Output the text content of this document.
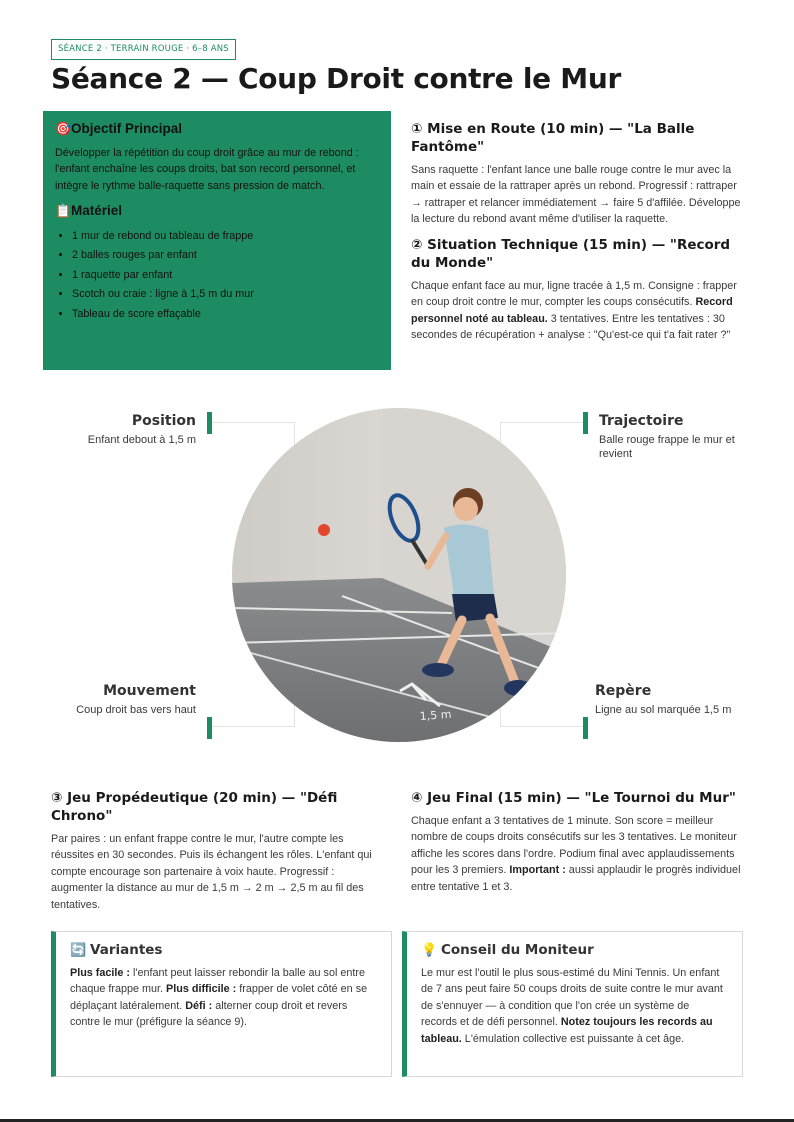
SÉANCE 2 · TERRAIN ROUGE · 6–8 ANS
Séance 2 — Coup Droit contre le Mur
🎯Objectif Principal

Développer la répétition du coup droit grâce au mur de rebond : l'enfant enchaîne les coups droits, bat son record personnel, et intègre le rythme balle-raquette sans pression de match.

📋Matériel
• 1 mur de rebond ou tableau de frappe
• 2 balles rouges par enfant
• 1 raquette par enfant
• Scotch ou craie : ligne à 1,5 m du mur
• Tableau de score effaçable
① Mise en Route (10 min) — "La Balle Fantôme"

Sans raquette : l'enfant lance une balle rouge contre le mur avec la main et essaie de la rattraper après un rebond. Progressif : rattraper → rattraper et relancer immédiatement → faire 5 d'affilée. Développe la lecture du rebond avant même d'utiliser la raquette.

② Situation Technique (15 min) — "Record du Monde"

Chaque enfant face au mur, ligne tracée à 1,5 m. Consigne : frapper en coup droit contre le mur, compter les coups consécutifs. Record personnel noté au tableau. 3 tentatives. Entre les tentatives : 30 secondes de récupération + analyse : "Qu'est-ce qui t'a fait rater ?"

1,5 m
Position
Enfant debout à 1,5 m
Trajectoire
Balle rouge frappe le mur et revient
Mouvement
Coup droit bas vers haut
Repère
Ligne au sol marquée 1,5 m
③ Jeu Propédeutique (20 min) — "Défi Chrono"

Par paires : un enfant frappe contre le mur, l'autre compte les réussites en 30 secondes. Puis ils échangent les rôles. L'enfant qui compte encourage son partenaire à voix haute. Progressif : augmenter la distance au mur de 1,5 m → 2 m → 2,5 m au fil des tentatives.

④ Jeu Final (15 min) — "Le Tournoi du Mur"

Chaque enfant a 3 tentatives de 1 minute. Son score = meilleur nombre de coups droits consécutifs sur les 3 tentatives. Le moniteur affiche les scores dans l'ordre. Podium final avec applaudissements pour les 3 premiers. Important : aussi applaudir le progrès individuel entre tentative 1 et 3.

🔄 Variantes

Plus facile : l'enfant peut laisser rebondir la balle au sol entre chaque frappe mur. Plus difficile : frapper de volet côté en se déplaçant latéralement. Défi : alterner coup droit et revers contre le mur (préfigure la séance 9).

💡 Conseil du Moniteur

Le mur est l'outil le plus sous-estimé du Mini Tennis. Un enfant de 7 ans peut faire 50 coups droits de suite contre le mur avant de s'ennuyer — à condition que l'on crée un système de records et de défi personnel. Notez toujours les records au tableau. L'émulation collective est puissante à cet âge.
